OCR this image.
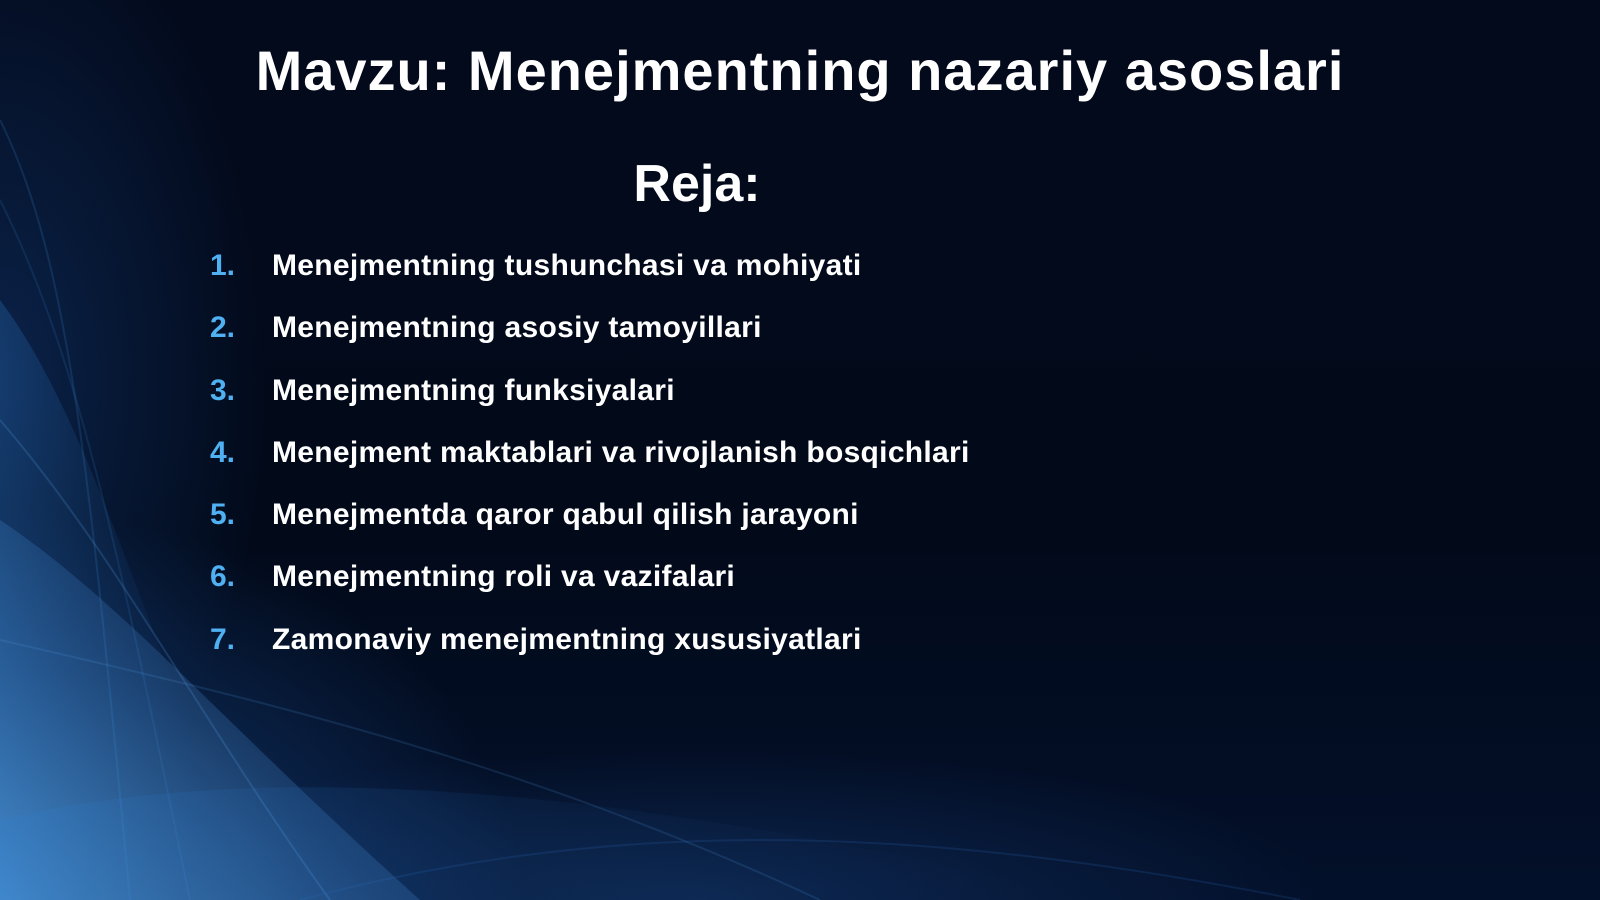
Mavzu: Menejmentning nazariy asoslari
Reja:
1.	Menejmentning tushunchasi va mohiyati
2.	Menejmentning asosiy tamoyillari
3.	Menejmentning funksiyalari
4.	Menejment maktablari va rivojlanish bosqichlari
5.	Menejmentda qaror qabul qilish jarayoni
6.	Menejmentning roli va vazifalari
7.	Zamonaviy menejmentning xususiyatlari
